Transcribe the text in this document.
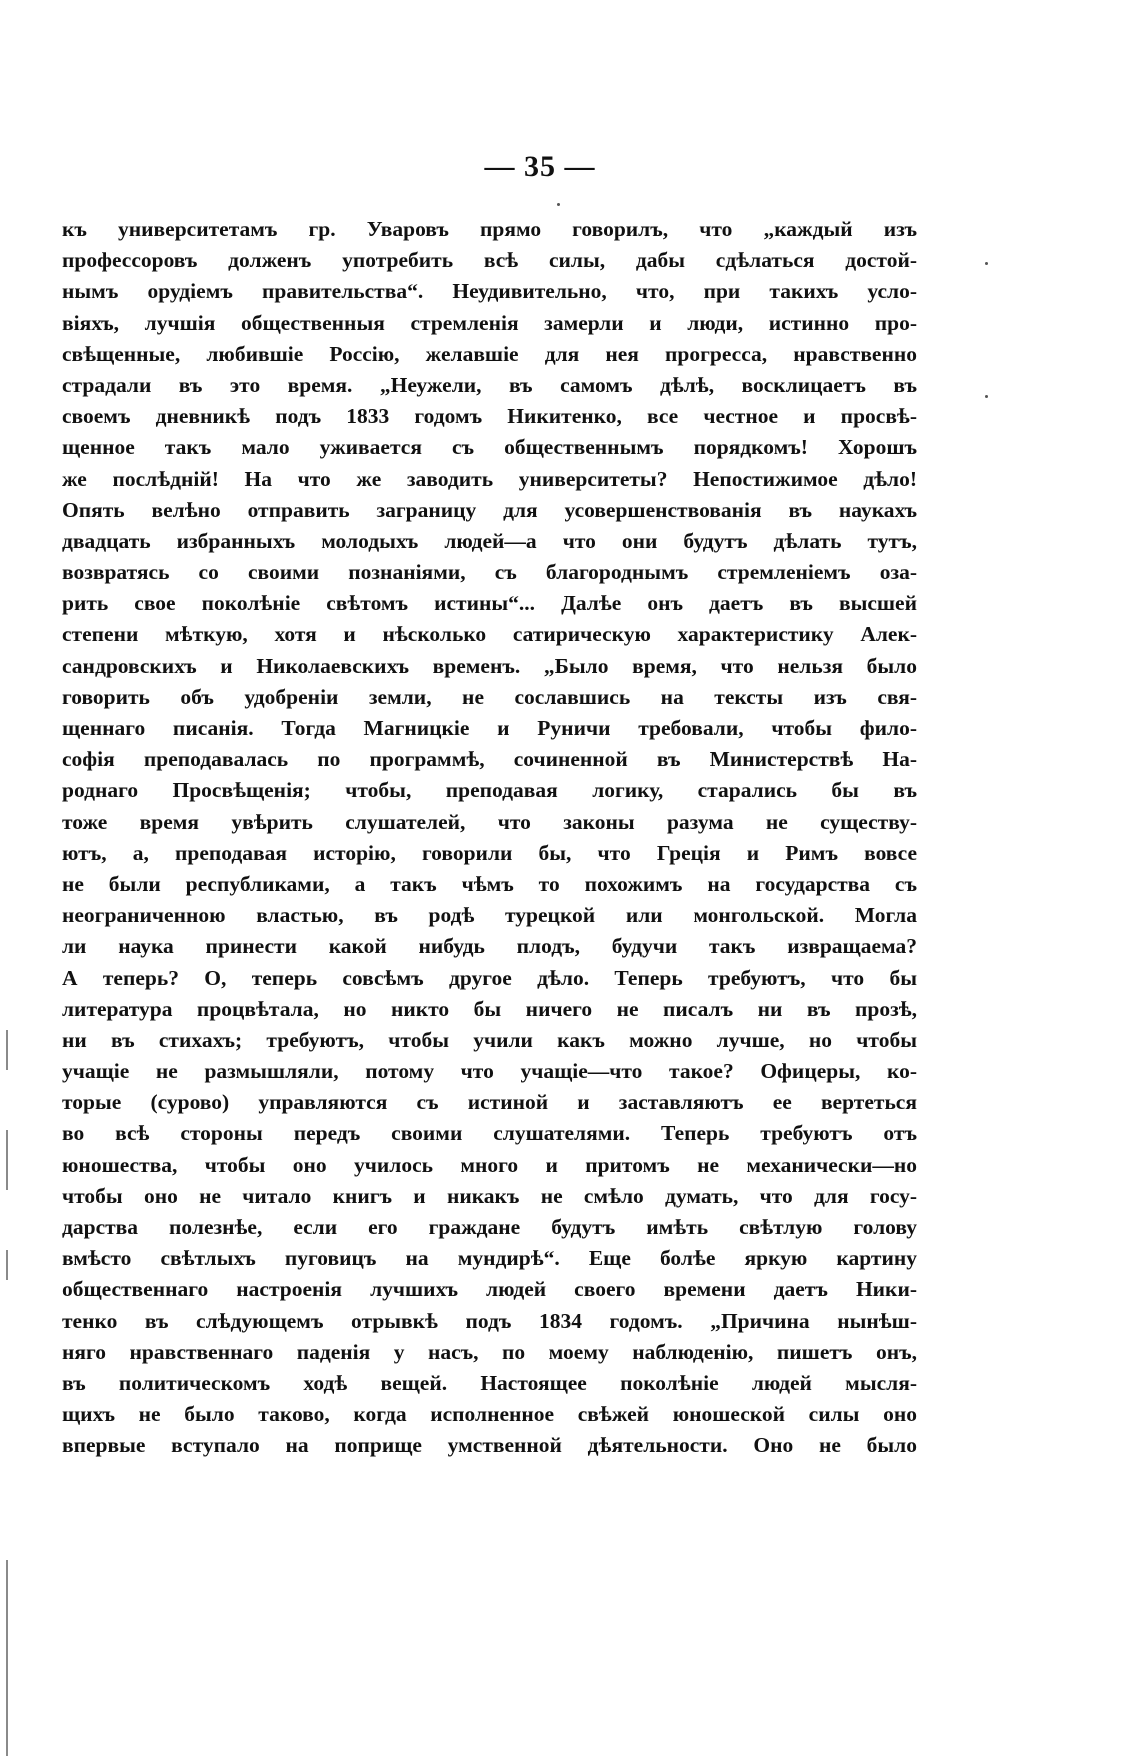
— 35 —
къ университетамъ гр. Уваровъ прямо говорилъ, что „каждый изъ
профессоровъ долженъ употребить всѣ силы, дабы сдѣлаться достой-
нымъ орудіемъ правительства“. Неудивительно, что, при такихъ усло-
віяхъ, лучшія общественныя стремленія замерли и люди, истинно про-
свѣщенные, любившіе Россію, желавшіе для нея прогресса, нравственно
страдали въ это время. „Неужели, въ самомъ дѣлѣ, восклицаетъ въ
своемъ дневникѣ подъ 1833 годомъ Никитенко, все честное и просвѣ-
щенное такъ мало уживается съ общественнымъ порядкомъ! Хорошъ
же послѣдній! На что же заводить университеты? Непостижимое дѣло!
Опять велѣно отправить заграницу для усовершенствованія въ наукахъ
двадцать избранныхъ молодыхъ людей—а что они будутъ дѣлать тутъ,
возвратясь со своими познаніями, съ благороднымъ стремленіемъ оза-
рить свое поколѣніе свѣтомъ истины“... Далѣе онъ даетъ въ высшей
степени мѣткую, хотя и нѣсколько сатирическую характеристику Алек-
сандровскихъ и Николаевскихъ временъ. „Было время, что нельзя было
говорить объ удобреніи земли, не сославшись на тексты изъ свя-
щеннаго писанія. Тогда Магницкіе и Руничи требовали, чтобы фило-
софія преподавалась по программѣ, сочиненной въ Министерствѣ На-
роднаго Просвѣщенія; чтобы, преподавая логику, старались бы въ
тоже время увѣрить слушателей, что законы разума не существу-
ютъ, а, преподавая исторію, говорили бы, что Греція и Римъ вовсе
не были республиками, а такъ чѣмъ то похожимъ на государства съ
неограниченною властью, въ родѣ турецкой или монгольской. Могла
ли наука принести какой нибудь плодъ, будучи такъ извращаема?
А теперь? О, теперь совсѣмъ другое дѣло. Теперь требуютъ, что бы
литература процвѣтала, но никто бы ничего не писалъ ни въ прозѣ,
ни въ стихахъ; требуютъ, чтобы учили какъ можно лучше, но чтобы
учащіе не размышляли, потому что учащіе—что такое? Офицеры, ко-
торые (сурово) управляются съ истиной и заставляютъ ее вертеться
во всѣ стороны передъ своими слушателями. Теперь требуютъ отъ
юношества, чтобы оно училось много и притомъ не механически—но
чтобы оно не читало книгъ и никакъ не смѣло думать, что для госу-
дарства полезнѣе, если его граждане будутъ имѣть свѣтлую голову
вмѣсто свѣтлыхъ пуговицъ на мундирѣ“. Еще болѣе яркую картину
общественнаго настроенія лучшихъ людей своего времени даетъ Ники-
тенко въ слѣдующемъ отрывкѣ подъ 1834 годомъ. „Причина нынѣш-
няго нравственнаго паденія у насъ, по моему наблюденію, пишетъ онъ,
въ политическомъ ходѣ вещей. Настоящее поколѣніе людей мысля-
щихъ не было таково, когда исполненное свѣжей юношеской силы оно
впервые вступало на поприще умственной дѣятельности. Оно не было
